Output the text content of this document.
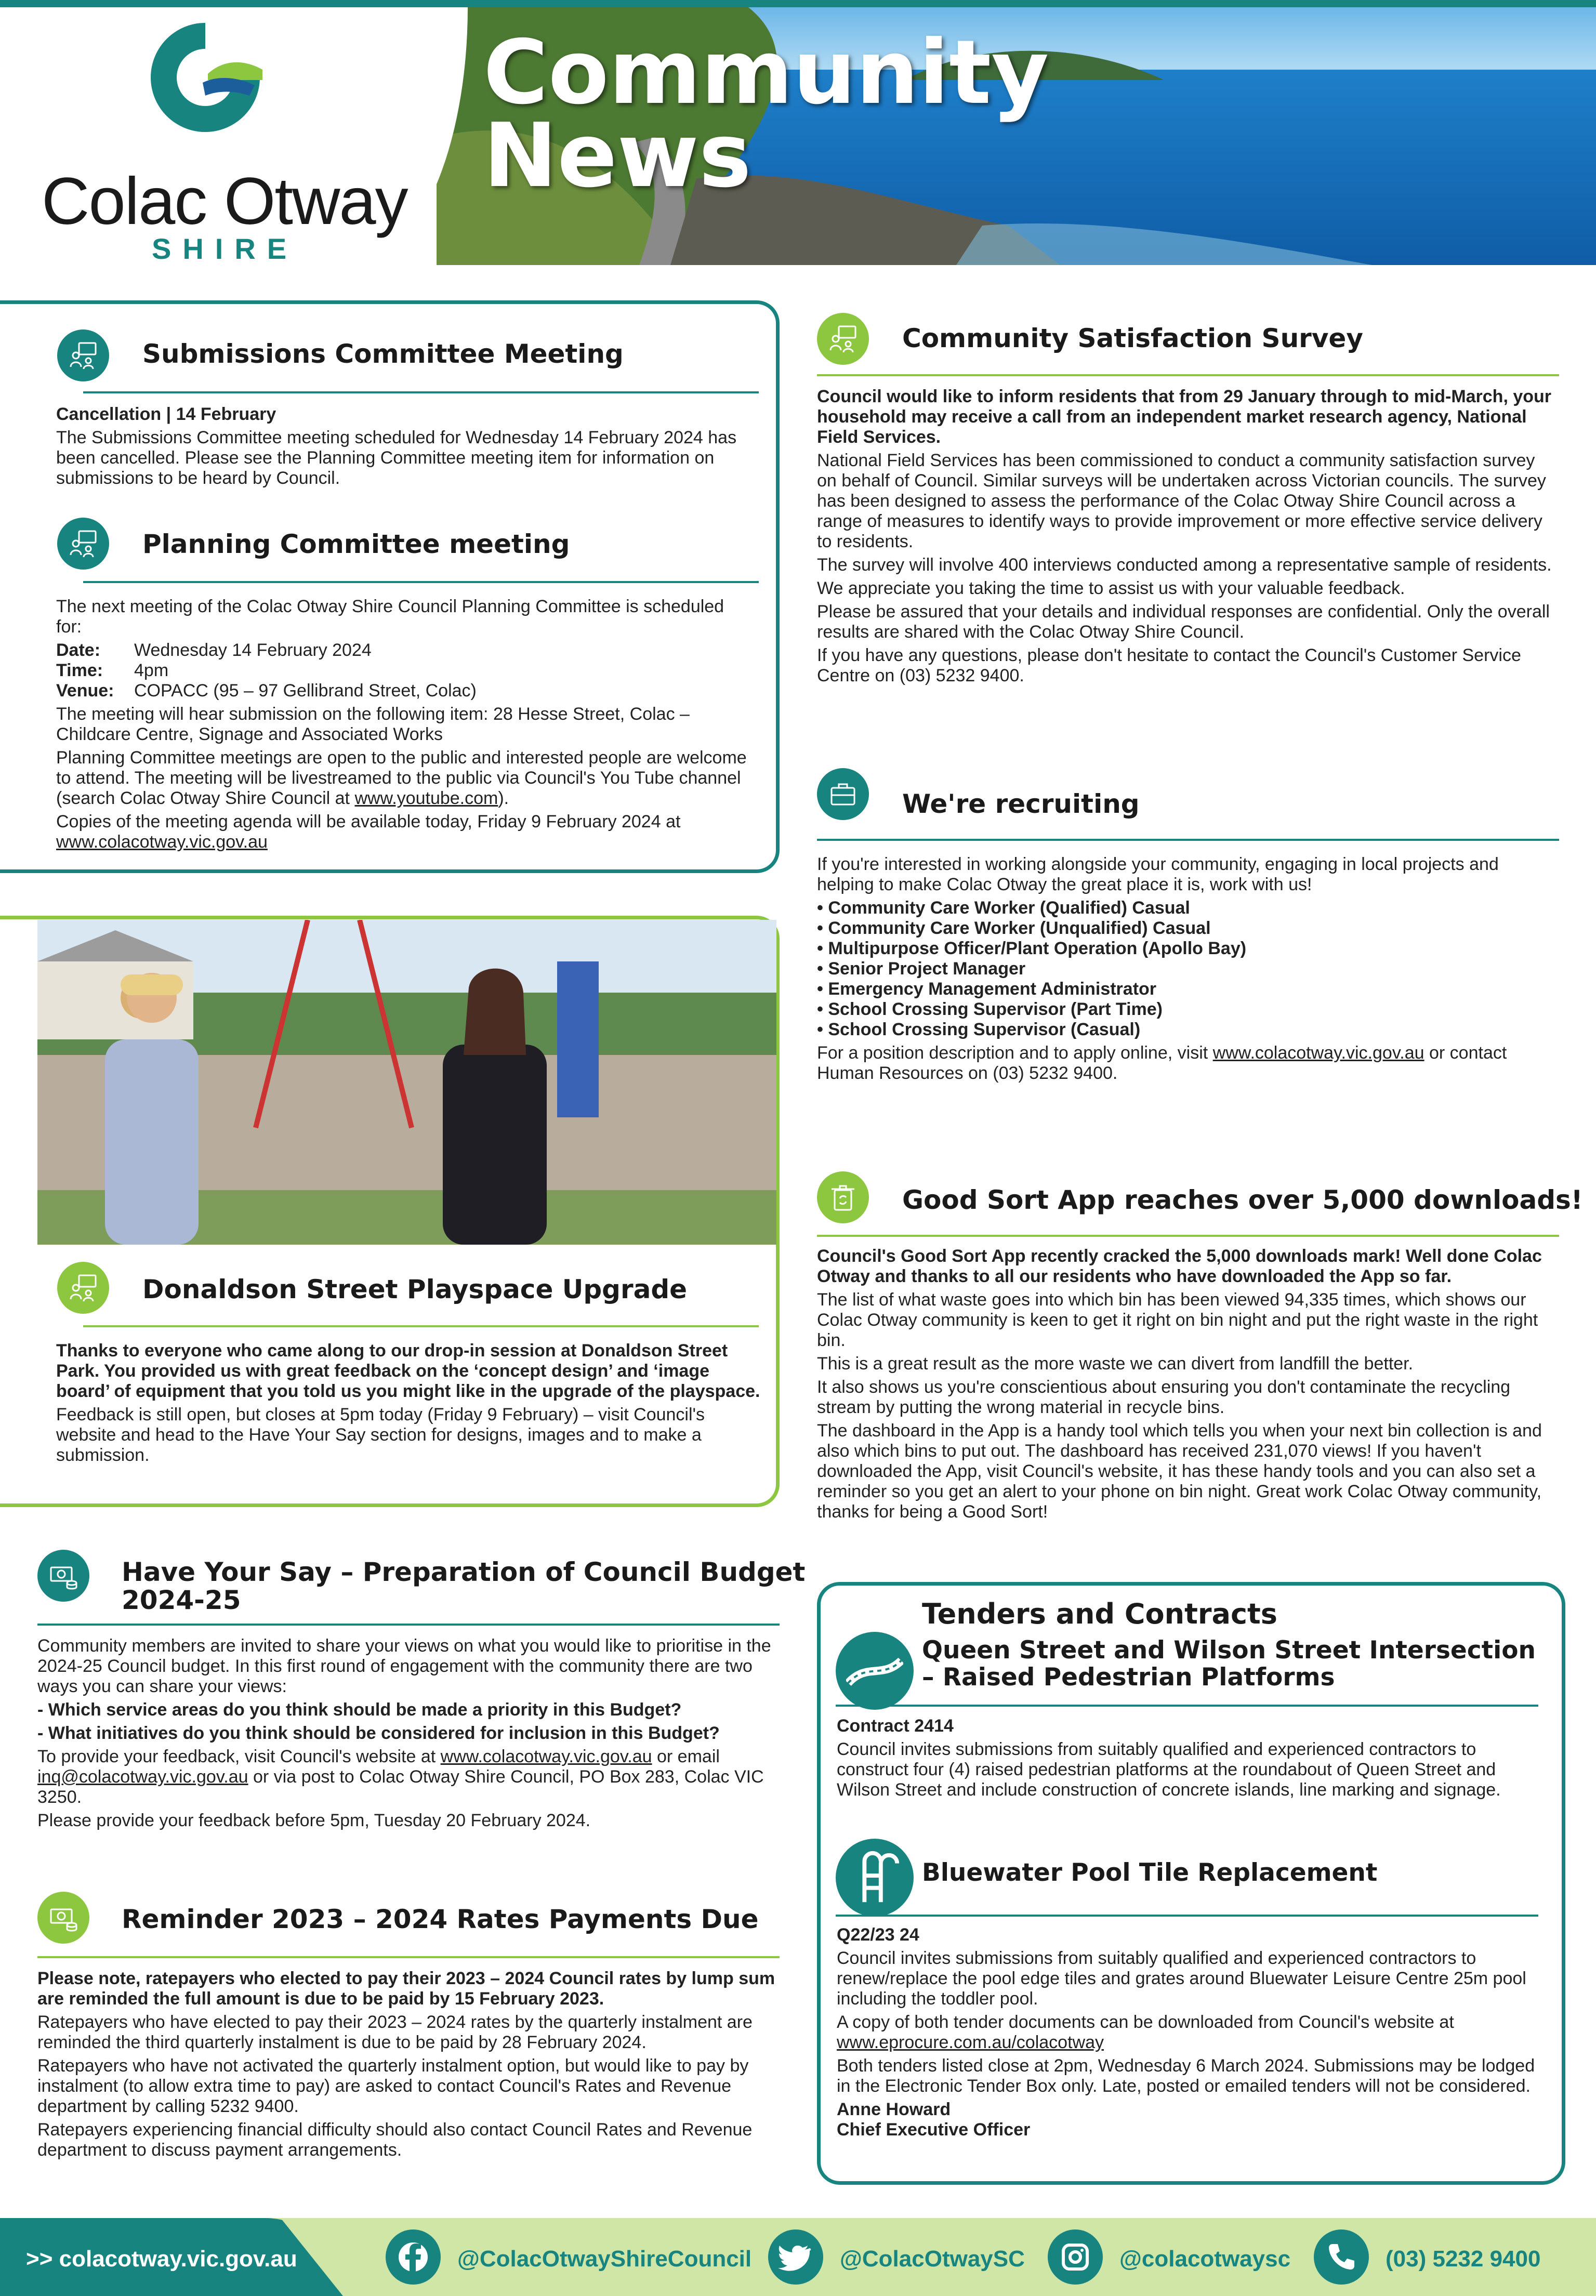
Colac Otway
SHIRE
Community
News
Submissions Committee Meeting

Cancellation | 14 February

The Submissions Committee meeting scheduled for Wednesday 14 February 2024 has been cancelled. Please see the Planning Committee meeting item for information on submissions to be heard by Council.

Planning Committee meeting

The next meeting of the Colac Otway Shire Council Planning Committee is scheduled for:

Date:	Wednesday 14 February 2024
Time:	4pm
Venue:	COPACC (95 – 97 Gellibrand Street, Colac)

The meeting will hear submission on the following item: 28 Hesse Street, Colac – Childcare Centre, Signage and Associated Works

Planning Committee meetings are open to the public and interested people are welcome to attend. The meeting will be livestreamed to the public via Council's You Tube channel (search Colac Otway Shire Council at www.youtube.com).

Copies of the meeting agenda will be available today, Friday 9 February 2024 at www.colacotway.vic.gov.au

Donaldson Street Playspace Upgrade

Thanks to everyone who came along to our drop-in session at Donaldson Street Park. You provided us with great feedback on the ‘concept design’ and ‘image board’ of equipment that you told us you might like in the upgrade of the playspace.

Feedback is still open, but closes at 5pm today (Friday 9 February) – visit Council's website and head to the Have Your Say section for designs, images and to make a submission.

Have Your Say – Preparation of Council Budget
2024-25

Community members are invited to share your views on what you would like to prioritise in the 2024-25 Council budget. In this first round of engagement with the community there are two ways you can share your views:

- Which service areas do you think should be made a priority in this Budget?

- What initiatives do you think should be considered for inclusion in this Budget?

To provide your feedback, visit Council's website at www.colacotway.vic.gov.au or email inq@colacotway.vic.gov.au or via post to Colac Otway Shire Council, PO Box 283, Colac VIC 3250.

Please provide your feedback before 5pm, Tuesday 20 February 2024.

Reminder 2023 – 2024 Rates Payments Due

Please note, ratepayers who elected to pay their 2023 – 2024 Council rates by lump sum are reminded the full amount is due to be paid by 15 February 2023.

Ratepayers who have elected to pay their 2023 – 2024 rates by the quarterly instalment are reminded the third quarterly instalment is due to be paid by 28 February 2024.

Ratepayers who have not activated the quarterly instalment option, but would like to pay by instalment (to allow extra time to pay) are asked to contact Council's Rates and Revenue department by calling 5232 9400.

Ratepayers experiencing financial difficulty should also contact Council Rates and Revenue department to discuss payment arrangements.

Community Satisfaction Survey

Council would like to inform residents that from 29 January through to mid-March, your household may receive a call from an independent market research agency, National Field Services.

National Field Services has been commissioned to conduct a community satisfaction survey on behalf of Council. Similar surveys will be undertaken across Victorian councils. The survey has been designed to assess the performance of the Colac Otway Shire Council across a range of measures to identify ways to provide improvement or more effective service delivery to residents.

The survey will involve 400 interviews conducted among a representative sample of residents.

We appreciate you taking the time to assist us with your valuable feedback.

Please be assured that your details and individual responses are confidential. Only the overall results are shared with the Colac Otway Shire Council.

If you have any questions, please don't hesitate to contact the Council's Customer Service Centre on (03) 5232 9400.

We're recruiting

If you're interested in working alongside your community, engaging in local projects and helping to make Colac Otway the great place it is, work with us!

• Community Care Worker (Qualified) Casual
• Community Care Worker (Unqualified) Casual
• Multipurpose Officer/Plant Operation (Apollo Bay)
• Senior Project Manager
• Emergency Management Administrator
• School Crossing Supervisor (Part Time)
• School Crossing Supervisor (Casual)

For a position description and to apply online, visit www.colacotway.vic.gov.au or contact Human Resources on (03) 5232 9400.

Good Sort App reaches over 5,000 downloads!

Council's Good Sort App recently cracked the 5,000 downloads mark! Well done Colac Otway and thanks to all our residents who have downloaded the App so far.

The list of what waste goes into which bin has been viewed 94,335 times, which shows our Colac Otway community is keen to get it right on bin night and put the right waste in the right bin.

This is a great result as the more waste we can divert from landfill the better.

It also shows us you're conscientious about ensuring you don't contaminate the recycling stream by putting the wrong material in recycle bins.

The dashboard in the App is a handy tool which tells you when your next bin collection is and also which bins to put out. The dashboard has received 231,070 views! If you haven't downloaded the App, visit Council's website, it has these handy tools and you can also set a reminder so you get an alert to your phone on bin night. Great work Colac Otway community, thanks for being a Good Sort!

Tenders and Contracts
Queen Street and Wilson Street Intersection
– Raised Pedestrian Platforms

Contract 2414

Council invites submissions from suitably qualified and experienced contractors to construct four (4) raised pedestrian platforms at the roundabout of Queen Street and Wilson Street and include construction of concrete islands, line marking and signage.

Bluewater Pool Tile Replacement

Q22/23 24

Council invites submissions from suitably qualified and experienced contractors to renew/replace the pool edge tiles and grates around Bluewater Leisure Centre 25m pool including the toddler pool.

A copy of both tender documents can be downloaded from Council's website at www.eprocure.com.au/colacotway

Both tenders listed close at 2pm, Wednesday 6 March 2024. Submissions may be lodged in the Electronic Tender Box only. Late, posted or emailed tenders will not be considered.

Anne Howard
Chief Executive Officer
>> colacotway.vic.gov.au	@ColacOtwayShireCouncil	@ColacOtwaySC	@colacotwaysc	(03) 5232 9400
